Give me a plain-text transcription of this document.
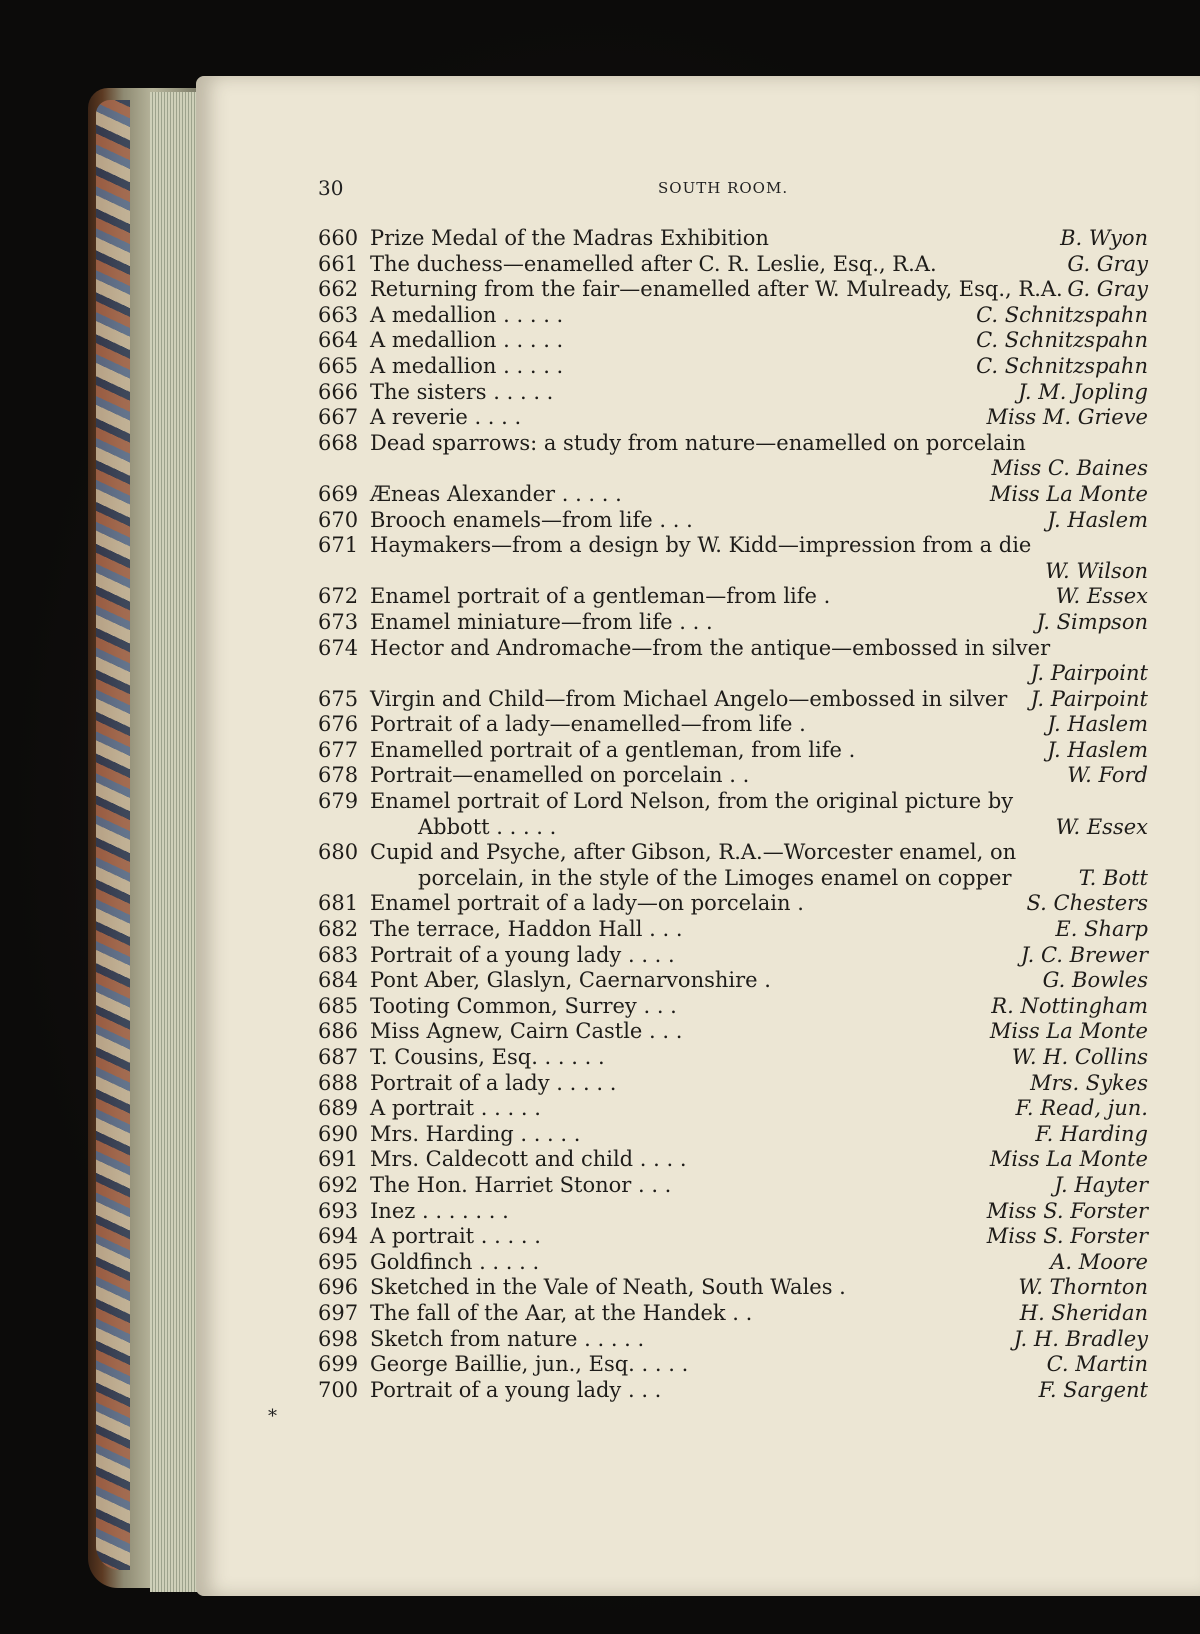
30	SOUTH ROOM.
660 Prize Medal of the Madras Exhibition	B. Wyon
661 The duchess—enamelled after C. R. Leslie, Esq., R.A.	G. Gray
662 Returning from the fair—enamelled after W. Mulready, Esq., R.A. G. Gray
663 A medallion . . . . .	C. Schnitzspahn
664 A medallion . . . . .	C. Schnitzspahn
665 A medallion . . . . .	C. Schnitzspahn
666 The sisters . . . . .	J. M. Jopling
667 A reverie . . . .	Miss M. Grieve
668 Dead sparrows: a study from nature—enamelled on porcelain
Miss C. Baines
669 Æneas Alexander . . . . .	Miss La Monte
670 Brooch enamels—from life . . .	J. Haslem
671 Haymakers—from a design by W. Kidd—impression from a die
W. Wilson
672 Enamel portrait of a gentleman—from life .	W. Essex
673 Enamel miniature—from life . . .	J. Simpson
674 Hector and Andromache—from the antique—embossed in silver
J. Pairpoint
675 Virgin and Child—from Michael Angelo—embossed in silver J. Pairpoint
676 Portrait of a lady—enamelled—from life .	J. Haslem
677 Enamelled portrait of a gentleman, from life .	J. Haslem
678 Portrait—enamelled on porcelain . .	W. Ford
679 Enamel portrait of Lord Nelson, from the original picture by
Abbott . . . . .	W. Essex
680 Cupid and Psyche, after Gibson, R.A.—Worcester enamel, on
porcelain, in the style of the Limoges enamel on copper	T. Bott
681 Enamel portrait of a lady—on porcelain .	S. Chesters
682 The terrace, Haddon Hall . . .	E. Sharp
683 Portrait of a young lady . . . .	J. C. Brewer
684 Pont Aber, Glaslyn, Caernarvonshire .	G. Bowles
685 Tooting Common, Surrey . . .	R. Nottingham
686 Miss Agnew, Cairn Castle . . .	Miss La Monte
687 T. Cousins, Esq. . . . . .	W. H. Collins
688 Portrait of a lady . . . . .	Mrs. Sykes
689 A portrait . . . . .	F. Read, jun.
690 Mrs. Harding . . . . .	F. Harding
691 Mrs. Caldecott and child . . . .	Miss La Monte
692 The Hon. Harriet Stonor . . .	J. Hayter
693 Inez . . . . . . .	Miss S. Forster
694 A portrait . . . . .	Miss S. Forster
695 Goldfinch . . . . .	A. Moore
696 Sketched in the Vale of Neath, South Wales .	W. Thornton
697 The fall of the Aar, at the Handek . .	H. Sheridan
698 Sketch from nature . . . . .	J. H. Bradley
699 George Baillie, jun., Esq. . . . .	C. Martin
700 Portrait of a young lady . . .	F. Sargent
*
